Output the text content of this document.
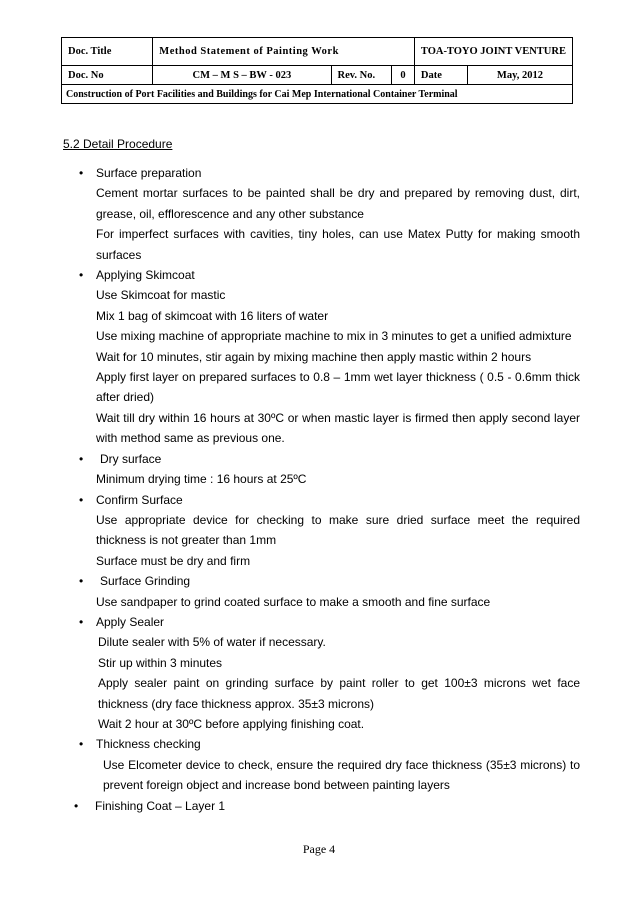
Doc. Title	Method Statement of Painting Work			TOA-TOYO JOINT VENTURE	
Doc. No	CM – M S – BW - 023	Rev. No.	0	Date	May, 2012
Construction of Port Facilities and Buildings for Cai Mep International Container Terminal					
5.2 Detail Procedure
•	Surface preparation
Cement mortar surfaces to be painted shall be dry and prepared by removing dust, dirt, grease, oil, efflorescence and any other substance
For imperfect surfaces with cavities, tiny holes, can use Matex Putty for making smooth surfaces
•	Applying Skimcoat
Use Skimcoat for mastic
Mix 1 bag of skimcoat with 16 liters of water
Use mixing machine of appropriate machine to mix in 3 minutes to get a unified admixture
Wait for 10 minutes, stir again by mixing machine then apply mastic within 2 hours
Apply first layer on prepared surfaces to 0.8 – 1mm wet layer thickness ( 0.5 - 0.6mm thick after dried)
Wait till dry within 16 hours at 30ºC or when mastic layer is firmed then apply second layer with method same as previous one.
•	Dry surface
Minimum drying time : 16 hours at 25ºC
•	Confirm Surface
Use appropriate device for checking to make sure dried surface meet the required thickness is not greater than 1mm
Surface must be dry and firm
•	Surface Grinding
Use sandpaper to grind coated surface to make a smooth and fine surface
•	Apply Sealer
Dilute sealer with 5% of water if necessary.
Stir up within 3 minutes
Apply sealer paint on grinding surface by paint roller to get 100±3 microns wet face thickness (dry face thickness approx. 35±3 microns)
Wait 2 hour at 30ºC before applying finishing coat.
•	Thickness checking
Use Elcometer device to check, ensure the required dry face thickness (35±3 microns) to prevent foreign object and increase bond between painting layers
•	Finishing Coat – Layer 1
Page 4
